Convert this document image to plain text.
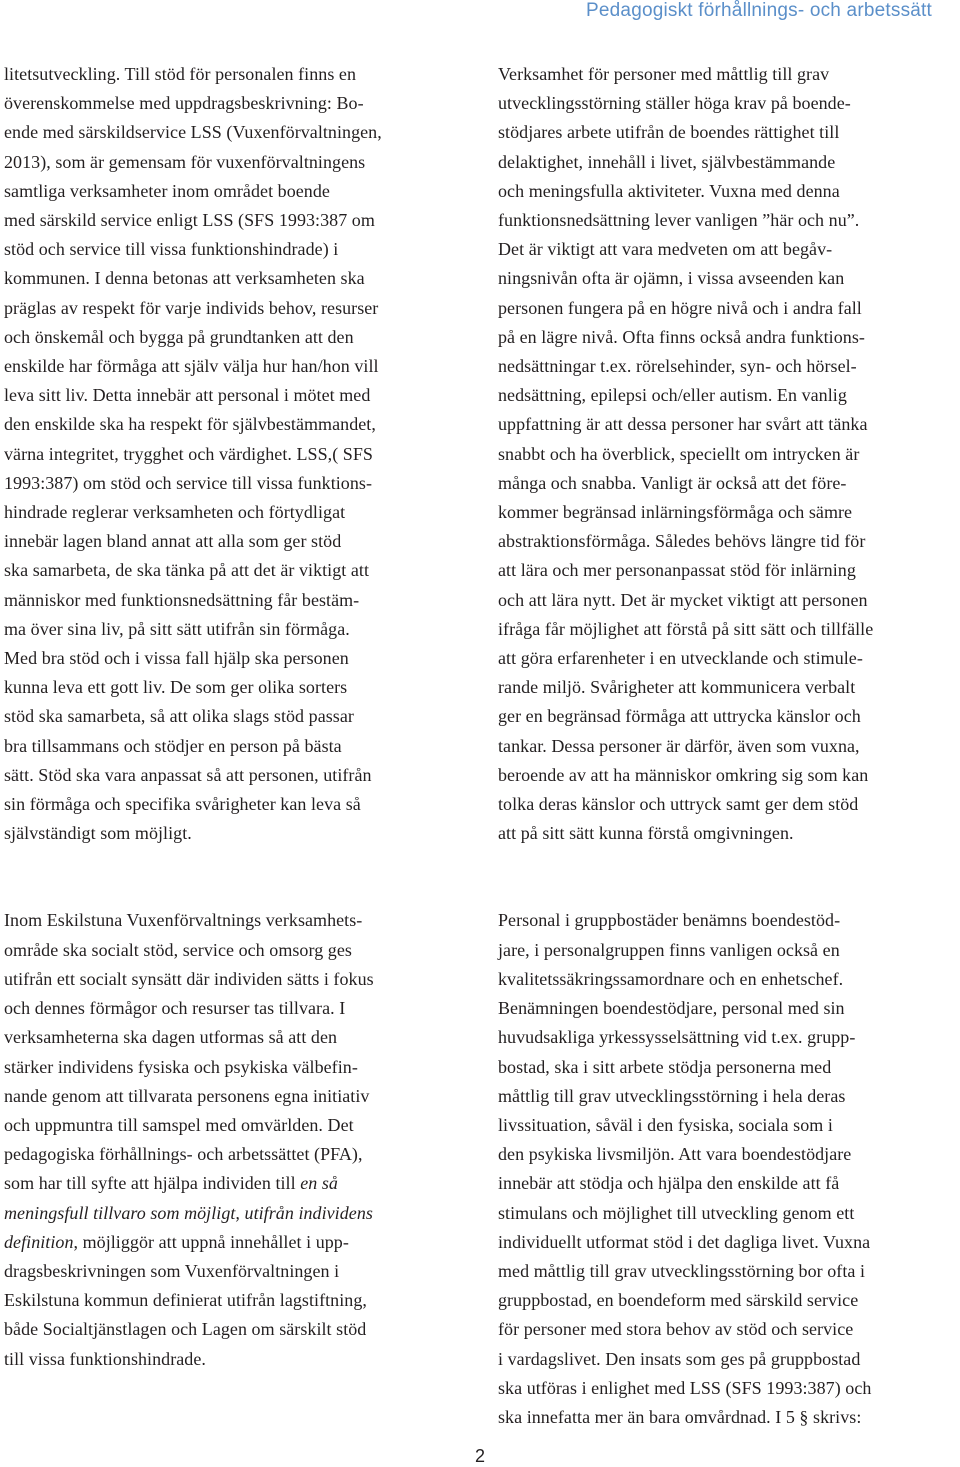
Pedagogiskt förhållnings- och arbetssätt

litetsutveckling. Till stöd för personalen finns en
överenskommelse med uppdragsbeskrivning: Bo-
ende med särskildservice LSS (Vuxenförvaltningen,
2013), som är gemensam för vuxenförvaltningens
samtliga verksamheter inom området boende
med särskild service enligt LSS (SFS 1993:387 om
stöd och service till vissa funktionshindrade) i
kommunen. I denna betonas att verksamheten ska
präglas av respekt för varje individs behov, resurser
och önskemål och bygga på grundtanken att den
enskilde har förmåga att själv välja hur han/hon vill
leva sitt liv. Detta innebär att personal i mötet med
den enskilde ska ha respekt för självbestämmandet,
värna integritet, trygghet och värdighet. LSS,( SFS
1993:387) om stöd och service till vissa funktions-
hindrade reglerar verksamheten och förtydligat
innebär lagen bland annat att alla som ger stöd
ska samarbeta, de ska tänka på att det är viktigt att
människor med funktionsnedsättning får bestäm-
ma över sina liv, på sitt sätt utifrån sin förmåga.
Med bra stöd och i vissa fall hjälp ska personen
kunna leva ett gott liv. De som ger olika sorters
stöd ska samarbeta, så att olika slags stöd passar
bra tillsammans och stödjer en person på bästa
sätt. Stöd ska vara anpassat så att personen, utifrån
sin förmåga och specifika svårigheter kan leva så
självständigt som möjligt.

Inom Eskilstuna Vuxenförvaltnings verksamhets-
område ska socialt stöd, service och omsorg ges
utifrån ett socialt synsätt där individen sätts i fokus
och dennes förmågor och resurser tas tillvara. I
verksamheterna ska dagen utformas så att den
stärker individens fysiska och psykiska välbefin-
nande genom att tillvarata personens egna initiativ
och uppmuntra till samspel med omvärlden. Det
pedagogiska förhållnings- och arbetssättet (PFA),
som har till syfte att hjälpa individen till en så
meningsfull tillvaro som möjligt, utifrån individens
definition, möjliggör att uppnå innehållet i upp-
dragsbeskrivningen som Vuxenförvaltningen i
Eskilstuna kommun definierat utifrån lagstiftning,
både Socialtjänstlagen och Lagen om särskilt stöd
till vissa funktionshindrade.

Verksamhet för personer med måttlig till grav
utvecklingsstörning ställer höga krav på boende-
stödjares arbete utifrån de boendes rättighet till
delaktighet, innehåll i livet, självbestämmande
och meningsfulla aktiviteter. Vuxna med denna
funktionsnedsättning lever vanligen ”här och nu”.
Det är viktigt att vara medveten om att begåv-
ningsnivån ofta är ojämn, i vissa avseenden kan
personen fungera på en högre nivå och i andra fall
på en lägre nivå. Ofta finns också andra funktions-
nedsättningar t.ex. rörelsehinder, syn- och hörsel-
nedsättning, epilepsi och/eller autism. En vanlig
uppfattning är att dessa personer har svårt att tänka
snabbt och ha överblick, speciellt om intrycken är
många och snabba. Vanligt är också att det före-
kommer begränsad inlärningsförmåga och sämre
abstraktionsförmåga. Således behövs längre tid för
att lära och mer personanpassat stöd för inlärning
och att lära nytt. Det är mycket viktigt att personen
ifråga får möjlighet att förstå på sitt sätt och tillfälle
att göra erfarenheter i en utvecklande och stimule-
rande miljö. Svårigheter att kommunicera verbalt
ger en begränsad förmåga att uttrycka känslor och
tankar. Dessa personer är därför, även som vuxna,
beroende av att ha människor omkring sig som kan
tolka deras känslor och uttryck samt ger dem stöd
att på sitt sätt kunna förstå omgivningen.

Personal i gruppbostäder benämns boendestöd-
jare, i personalgruppen finns vanligen också en
kvalitetssäkringssamordnare och en enhetschef.
Benämningen boendestödjare, personal med sin
huvudsakliga yrkessysselsättning vid t.ex. grupp-
bostad, ska i sitt arbete stödja personerna med
måttlig till grav utvecklingsstörning i hela deras
livssituation, såväl i den fysiska, sociala som i
den psykiska livsmiljön. Att vara boendestödjare
innebär att stödja och hjälpa den enskilde att få
stimulans och möjlighet till utveckling genom ett
individuellt utformat stöd i det dagliga livet. Vuxna
med måttlig till grav utvecklingsstörning bor ofta i
gruppbostad, en boendeform med särskild service
för personer med stora behov av stöd och service
i vardagslivet. Den insats som ges på gruppbostad
ska utföras i enlighet med LSS (SFS 1993:387) och
ska innefatta mer än bara omvårdnad. I 5 § skrivs:

2
